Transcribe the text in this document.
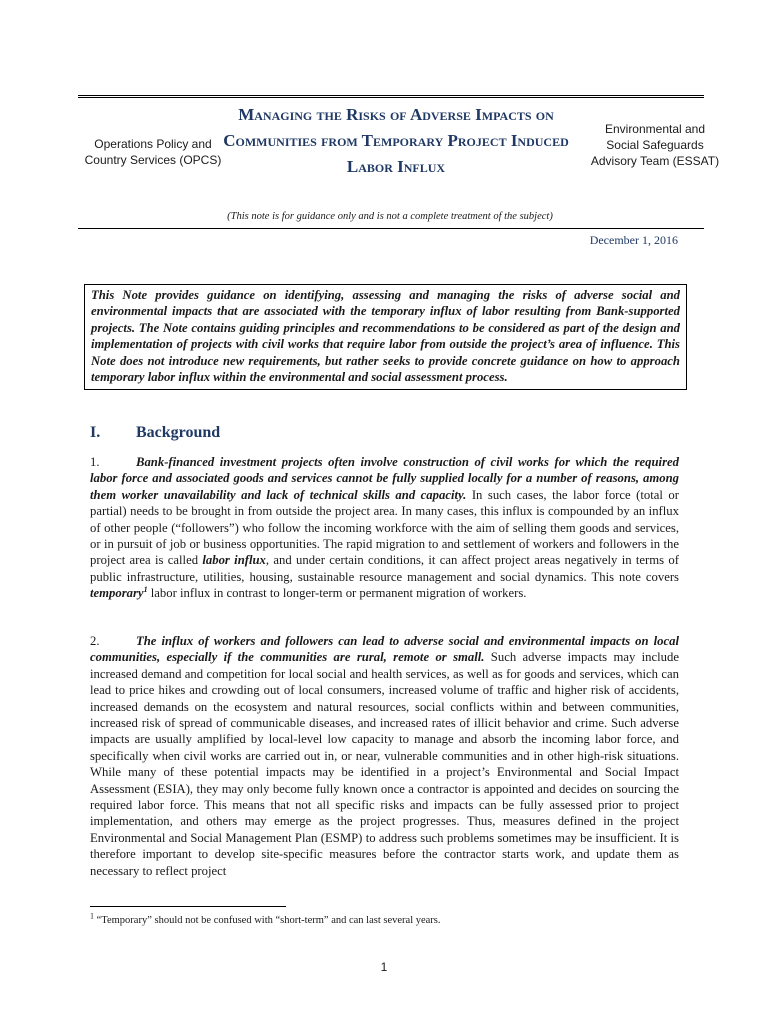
Operations Policy and Country Services (OPCS)
Managing the Risks of Adverse Impacts on Communities from Temporary Project Induced Labor Influx
Environmental and Social Safeguards Advisory Team (ESSAT)
(This note is for guidance only and is not a complete treatment of the subject)
December 1, 2016
This Note provides guidance on identifying, assessing and managing the risks of adverse social and environmental impacts that are associated with the temporary influx of labor resulting from Bank-supported projects. The Note contains guiding principles and recommendations to be considered as part of the design and implementation of projects with civil works that require labor from outside the project’s area of influence. This Note does not introduce new requirements, but rather seeks to provide concrete guidance on how to approach temporary labor influx within the environmental and social assessment process.
I. Background
1.	Bank-financed investment projects often involve construction of civil works for which the required labor force and associated goods and services cannot be fully supplied locally for a number of reasons, among them worker unavailability and lack of technical skills and capacity. In such cases, the labor force (total or partial) needs to be brought in from outside the project area. In many cases, this influx is compounded by an influx of other people (“followers”) who follow the incoming workforce with the aim of selling them goods and services, or in pursuit of job or business opportunities. The rapid migration to and settlement of workers and followers in the project area is called labor influx, and under certain conditions, it can affect project areas negatively in terms of public infrastructure, utilities, housing, sustainable resource management and social dynamics. This note covers temporary$^1$ labor influx in contrast to longer-term or permanent migration of workers.
2.	The influx of workers and followers can lead to adverse social and environmental impacts on local communities, especially if the communities are rural, remote or small. Such adverse impacts may include increased demand and competition for local social and health services, as well as for goods and services, which can lead to price hikes and crowding out of local consumers, increased volume of traffic and higher risk of accidents, increased demands on the ecosystem and natural resources, social conflicts within and between communities, increased risk of spread of communicable diseases, and increased rates of illicit behavior and crime. Such adverse impacts are usually amplified by local-level low capacity to manage and absorb the incoming labor force, and specifically when civil works are carried out in, or near, vulnerable communities and in other high-risk situations. While many of these potential impacts may be identified in a project’s Environmental and Social Impact Assessment (ESIA), they may only become fully known once a contractor is appointed and decides on sourcing the required labor force. This means that not all specific risks and impacts can be fully assessed prior to project implementation, and others may emerge as the project progresses. Thus, measures defined in the project Environmental and Social Management Plan (ESMP) to address such problems sometimes may be insufficient. It is therefore important to develop site-specific measures before the contractor starts work, and update them as necessary to reflect project
$^1$ “Temporary” should not be confused with “short-term” and can last several years.
1
